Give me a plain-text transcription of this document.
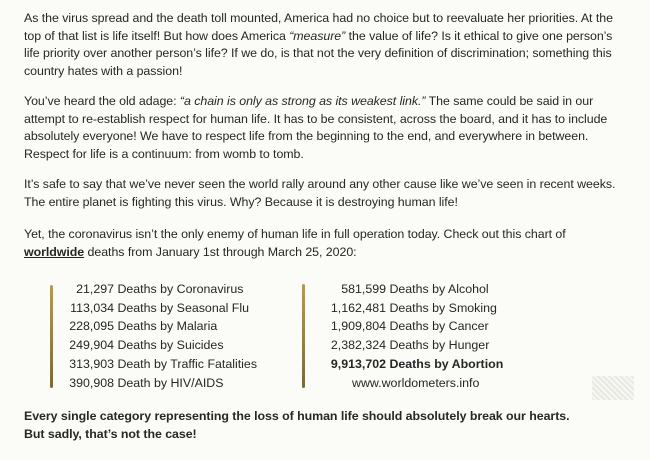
As the virus spread and the death toll mounted, America had no choice but to reevaluate her priorities. At the top of that list is life itself! But how does America “measure” the value of life? Is it ethical to give one person’s life priority over another person’s life? If we do, is that not the very definition of discrimination; something this country hates with a passion!

You’ve heard the old adage: “a chain is only as strong as its weakest link.” The same could be said in our attempt to re-establish respect for human life. It has to be consistent, across the board, and it has to include absolutely everyone! We have to respect life from the beginning to the end, and everywhere in between. Respect for life is a continuum: from womb to tomb.

It’s safe to say that we’ve never seen the world rally around any other cause like we’ve seen in recent weeks. The entire planet is fighting this virus. Why? Because it is destroying human life!

Yet, the coronavirus isn’t the only enemy of human life in full operation today. Check out this chart of worldwide deaths from January 1st through March 25, 2020:

21,297 Deaths by Coronavirus
113,034 Deaths by Seasonal Flu
228,095 Deaths by Malaria
249,904 Deaths by Suicides
313,903 Death by Traffic Fatalities
390,908 Death by HIV/AIDS
581,599 Deaths by Alcohol
1,162,481 Deaths by Smoking
1,909,804 Deaths by Cancer
2,382,324 Deaths by Hunger
9,913,702 Deaths by Abortion
www.worldometers.info

Every single category representing the loss of human life should absolutely break our hearts.
But sadly, that’s not the case!
